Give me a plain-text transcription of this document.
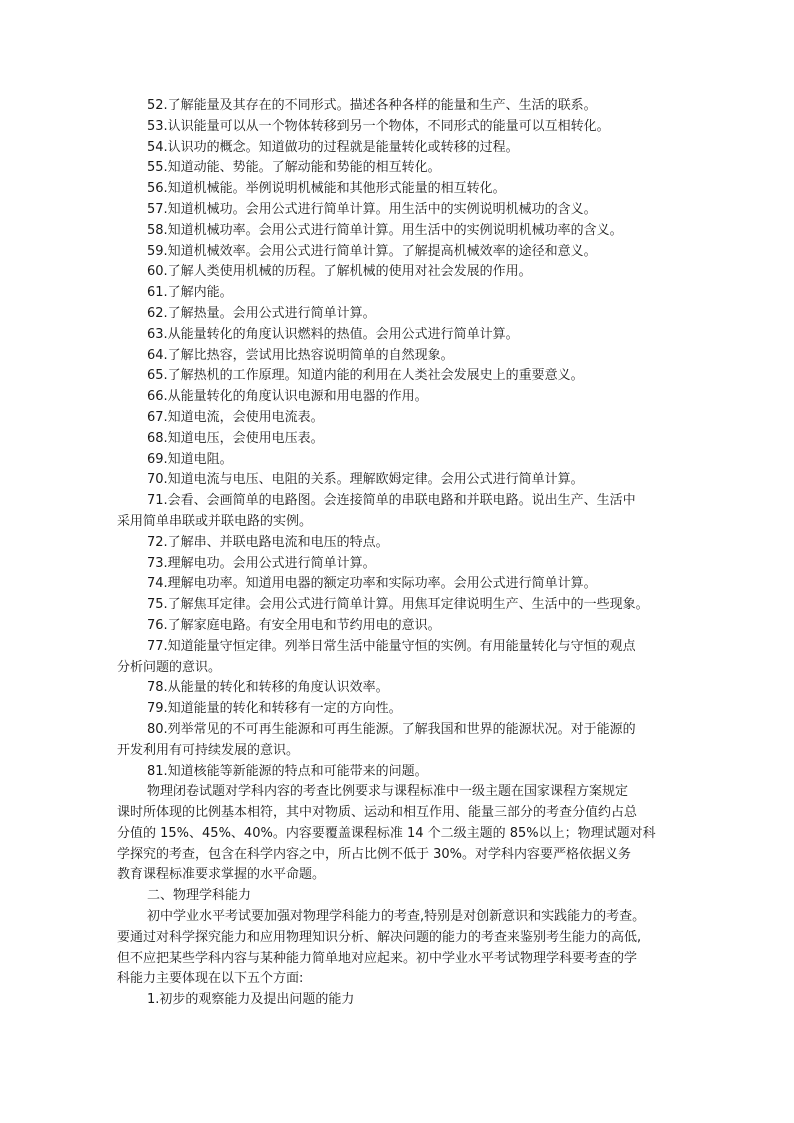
52.了解能量及其存在的不同形式。描述各种各样的能量和生产、生活的联系。
53.认识能量可以从一个物体转移到另一个物体，不同形式的能量可以互相转化。
54.认识功的概念。知道做功的过程就是能量转化或转移的过程。
55.知道动能、势能。了解动能和势能的相互转化。
56.知道机械能。举例说明机械能和其他形式能量的相互转化。
57.知道机械功。会用公式进行简单计算。用生活中的实例说明机械功的含义。
58.知道机械功率。会用公式进行简单计算。用生活中的实例说明机械功率的含义。
59.知道机械效率。会用公式进行简单计算。了解提高机械效率的途径和意义。
60.了解人类使用机械的历程。了解机械的使用对社会发展的作用。
61.了解内能。
62.了解热量。会用公式进行简单计算。
63.从能量转化的角度认识燃料的热值。会用公式进行简单计算。
64.了解比热容，尝试用比热容说明简单的自然现象。
65.了解热机的工作原理。知道内能的利用在人类社会发展史上的重要意义。
66.从能量转化的角度认识电源和用电器的作用。
67.知道电流，会使用电流表。
68.知道电压，会使用电压表。
69.知道电阻。
70.知道电流与电压、电阻的关系。理解欧姆定律。会用公式进行简单计算。
71.会看、会画简单的电路图。会连接简单的串联电路和并联电路。说出生产、生活中
采用简单串联或并联电路的实例。
72.了解串、并联电路电流和电压的特点。
73.理解电功。会用公式进行简单计算。
74.理解电功率。知道用电器的额定功率和实际功率。会用公式进行简单计算。
75.了解焦耳定律。会用公式进行简单计算。用焦耳定律说明生产、生活中的一些现象。
76.了解家庭电路。有安全用电和节约用电的意识。
77.知道能量守恒定律。列举日常生活中能量守恒的实例。有用能量转化与守恒的观点
分析问题的意识。
78.从能量的转化和转移的角度认识效率。
79.知道能量的转化和转移有一定的方向性。
80.列举常见的不可再生能源和可再生能源。了解我国和世界的能源状况。对于能源的
开发利用有可持续发展的意识。
81.知道核能等新能源的特点和可能带来的问题。
物理闭卷试题对学科内容的考查比例要求与课程标准中一级主题在国家课程方案规定
课时所体现的比例基本相符，其中对物质、运动和相互作用、能量三部分的考查分值约占总
分值的 15%、45%、40%。内容要覆盖课程标准 14 个二级主题的 85%以上；物理试题对科
学探究的考查，包含在科学内容之中，所占比例不低于 30%。对学科内容要严格依据义务
教育课程标准要求掌握的水平命题。
二、物理学科能力
初中学业水平考试要加强对物理学科能力的考查,特别是对创新意识和实践能力的考查。
要通过对科学探究能力和应用物理知识分析、解决问题的能力的考查来鉴别考生能力的高低,
但不应把某些学科内容与某种能力简单地对应起来。初中学业水平考试物理学科要考查的学
科能力主要体现在以下五个方面:
1.初步的观察能力及提出问题的能力
